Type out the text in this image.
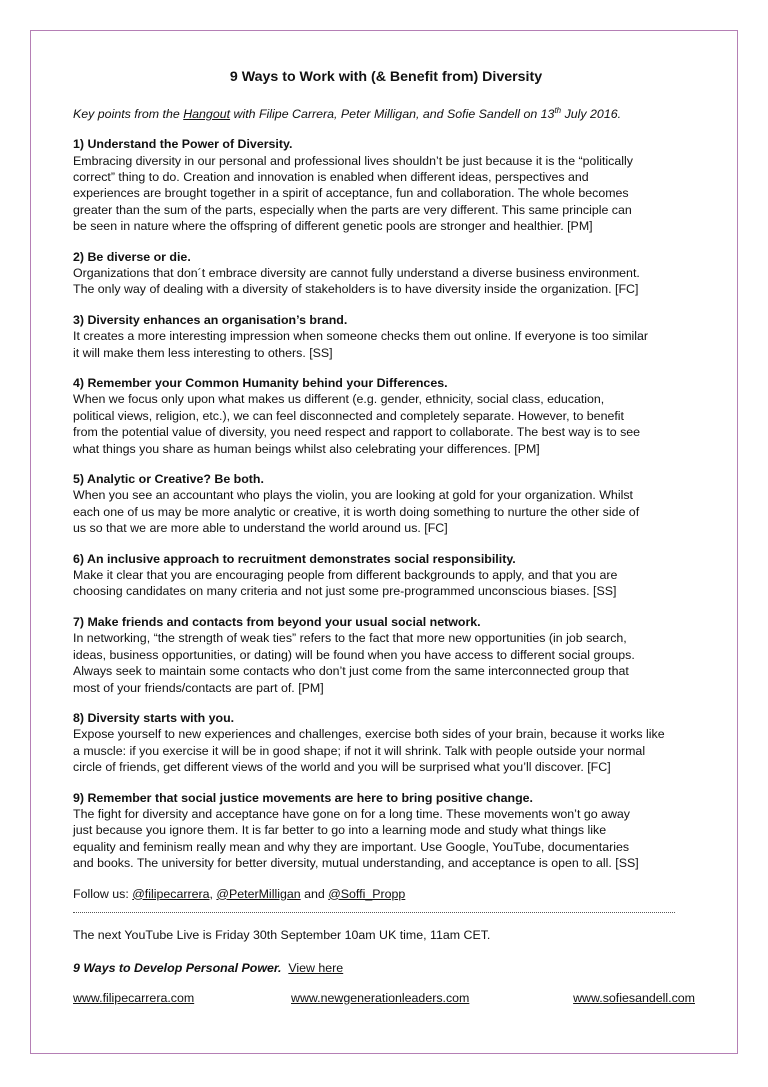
9 Ways to Work with (& Benefit from) Diversity
Key points from the Hangout with Filipe Carrera, Peter Milligan, and Sofie Sandell on 13th July 2016.
1) Understand the Power of Diversity.

Embracing diversity in our personal and professional lives shouldn’t be just because it is the “politically
correct” thing to do. Creation and innovation is enabled when different ideas, perspectives and
experiences are brought together in a spirit of acceptance, fun and collaboration. The whole becomes
greater than the sum of the parts, especially when the parts are very different. This same principle can
be seen in nature where the offspring of different genetic pools are stronger and healthier. [PM]

2) Be diverse or die.

Organizations that don´t embrace diversity are cannot fully understand a diverse business environment.
The only way of dealing with a diversity of stakeholders is to have diversity inside the organization. [FC]

3) Diversity enhances an organisation’s brand.

It creates a more interesting impression when someone checks them out online. If everyone is too similar
it will make them less interesting to others. [SS]

4) Remember your Common Humanity behind your Differences.

When we focus only upon what makes us different (e.g. gender, ethnicity, social class, education,
political views, religion, etc.), we can feel disconnected and completely separate. However, to benefit
from the potential value of diversity, you need respect and rapport to collaborate. The best way is to see
what things you share as human beings whilst also celebrating your differences. [PM]

5) Analytic or Creative? Be both.

When you see an accountant who plays the violin, you are looking at gold for your organization. Whilst
each one of us may be more analytic or creative, it is worth doing something to nurture the other side of
us so that we are more able to understand the world around us. [FC]

6) An inclusive approach to recruitment demonstrates social responsibility.

Make it clear that you are encouraging people from different backgrounds to apply, and that you are
choosing candidates on many criteria and not just some pre-programmed unconscious biases. [SS]

7) Make friends and contacts from beyond your usual social network.

In networking, “the strength of weak ties” refers to the fact that more new opportunities (in job search,
ideas, business opportunities, or dating) will be found when you have access to different social groups.
Always seek to maintain some contacts who don’t just come from the same interconnected group that
most of your friends/contacts are part of. [PM]

8) Diversity starts with you.

Expose yourself to new experiences and challenges, exercise both sides of your brain, because it works like
a muscle: if you exercise it will be in good shape; if not it will shrink. Talk with people outside your normal
circle of friends, get different views of the world and you will be surprised what you’ll discover. [FC]

9) Remember that social justice movements are here to bring positive change.

The fight for diversity and acceptance have gone on for a long time. These movements won’t go away
just because you ignore them. It is far better to go into a learning mode and study what things like
equality and feminism really mean and why they are important. Use Google, YouTube, documentaries
and books. The university for better diversity, mutual understanding, and acceptance is open to all. [SS]

Follow us: @filipecarrera, @PeterMilligan and @Soffi_Propp
The next YouTube Live is Friday 30th September 10am UK time, 11am CET.
9 Ways to Develop Personal Power. View here
www.filipecarrera.com	www.newgenerationleaders.com	www.sofiesandell.com
